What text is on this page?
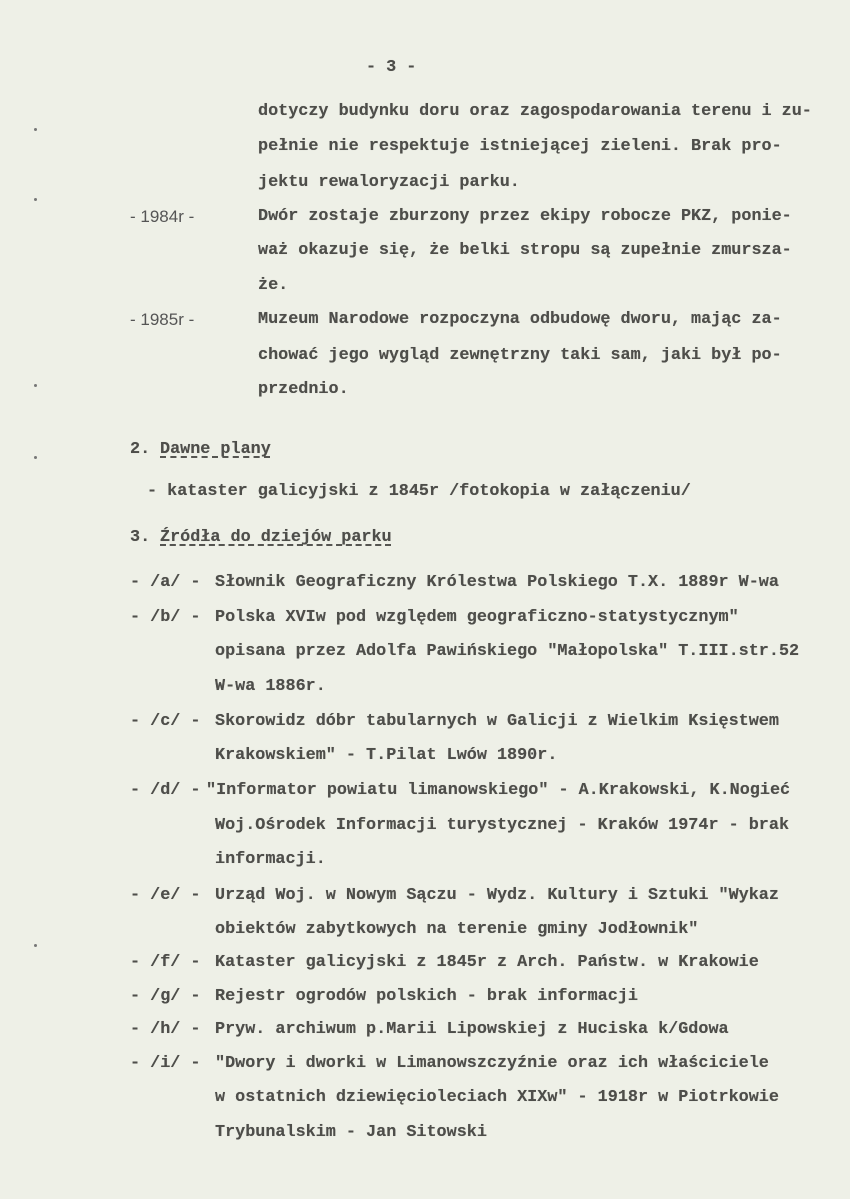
- 3 -
dotyczy budynku doru oraz zagospodarowania terenu i zu-
pełnie nie respektuje istniejącej zieleni. Brak pro-
jektu rewaloryzacji parku.
- 1984r -	Dwór zostaje zburzony przez ekipy robocze PKZ, ponie-
waż okazuje się, że belki stropu są zupełnie zmursza-
że.
- 1985r -	Muzeum Narodowe rozpoczyna odbudowę dworu, mając za-
chować jego wygląd zewnętrzny taki sam, jaki był po-
przednio.
2. Dawne plany
- kataster galicyjski z 1845r /fotokopia w załączeniu/
3. Źródła do dziejów parku
- /a/ - Słownik Geograficzny Królestwa Polskiego T.X. 1889r W-wa
- /b/ - Polska XVIw pod względem geograficzno-statystycznym"
opisana przez Adolfa Pawińskiego "Małopolska" T.III.str.52
W-wa 1886r.
- /c/ - Skorowidz dóbr tabularnych w Galicji z Wielkim Księstwem
Krakowskiem" - T.Pilat Lwów 1890r.
- /d/ - "Informator powiatu limanowskiego" - A.Krakowski, K.Nogieć
Woj.Ośrodek Informacji turystycznej - Kraków 1974r - brak
informacji.
- /e/ - Urząd Woj. w Nowym Sączu - Wydz. Kultury i Sztuki "Wykaz
obiektów zabytkowych na terenie gminy Jodłownik"
- /f/ - Kataster galicyjski z 1845r z Arch. Państw. w Krakowie
- /g/ - Rejestr ogrodów polskich - brak informacji
- /h/ - Pryw. archiwum p.Marii Lipowskiej z Huciska k/Gdowa
- /i/ - "Dwory i dworki w Limanowszczyźnie oraz ich właściciele
w ostatnich dziewięcioleciach XIXw" - 1918r w Piotrkowie
Trybunalskim - Jan Sitowski
